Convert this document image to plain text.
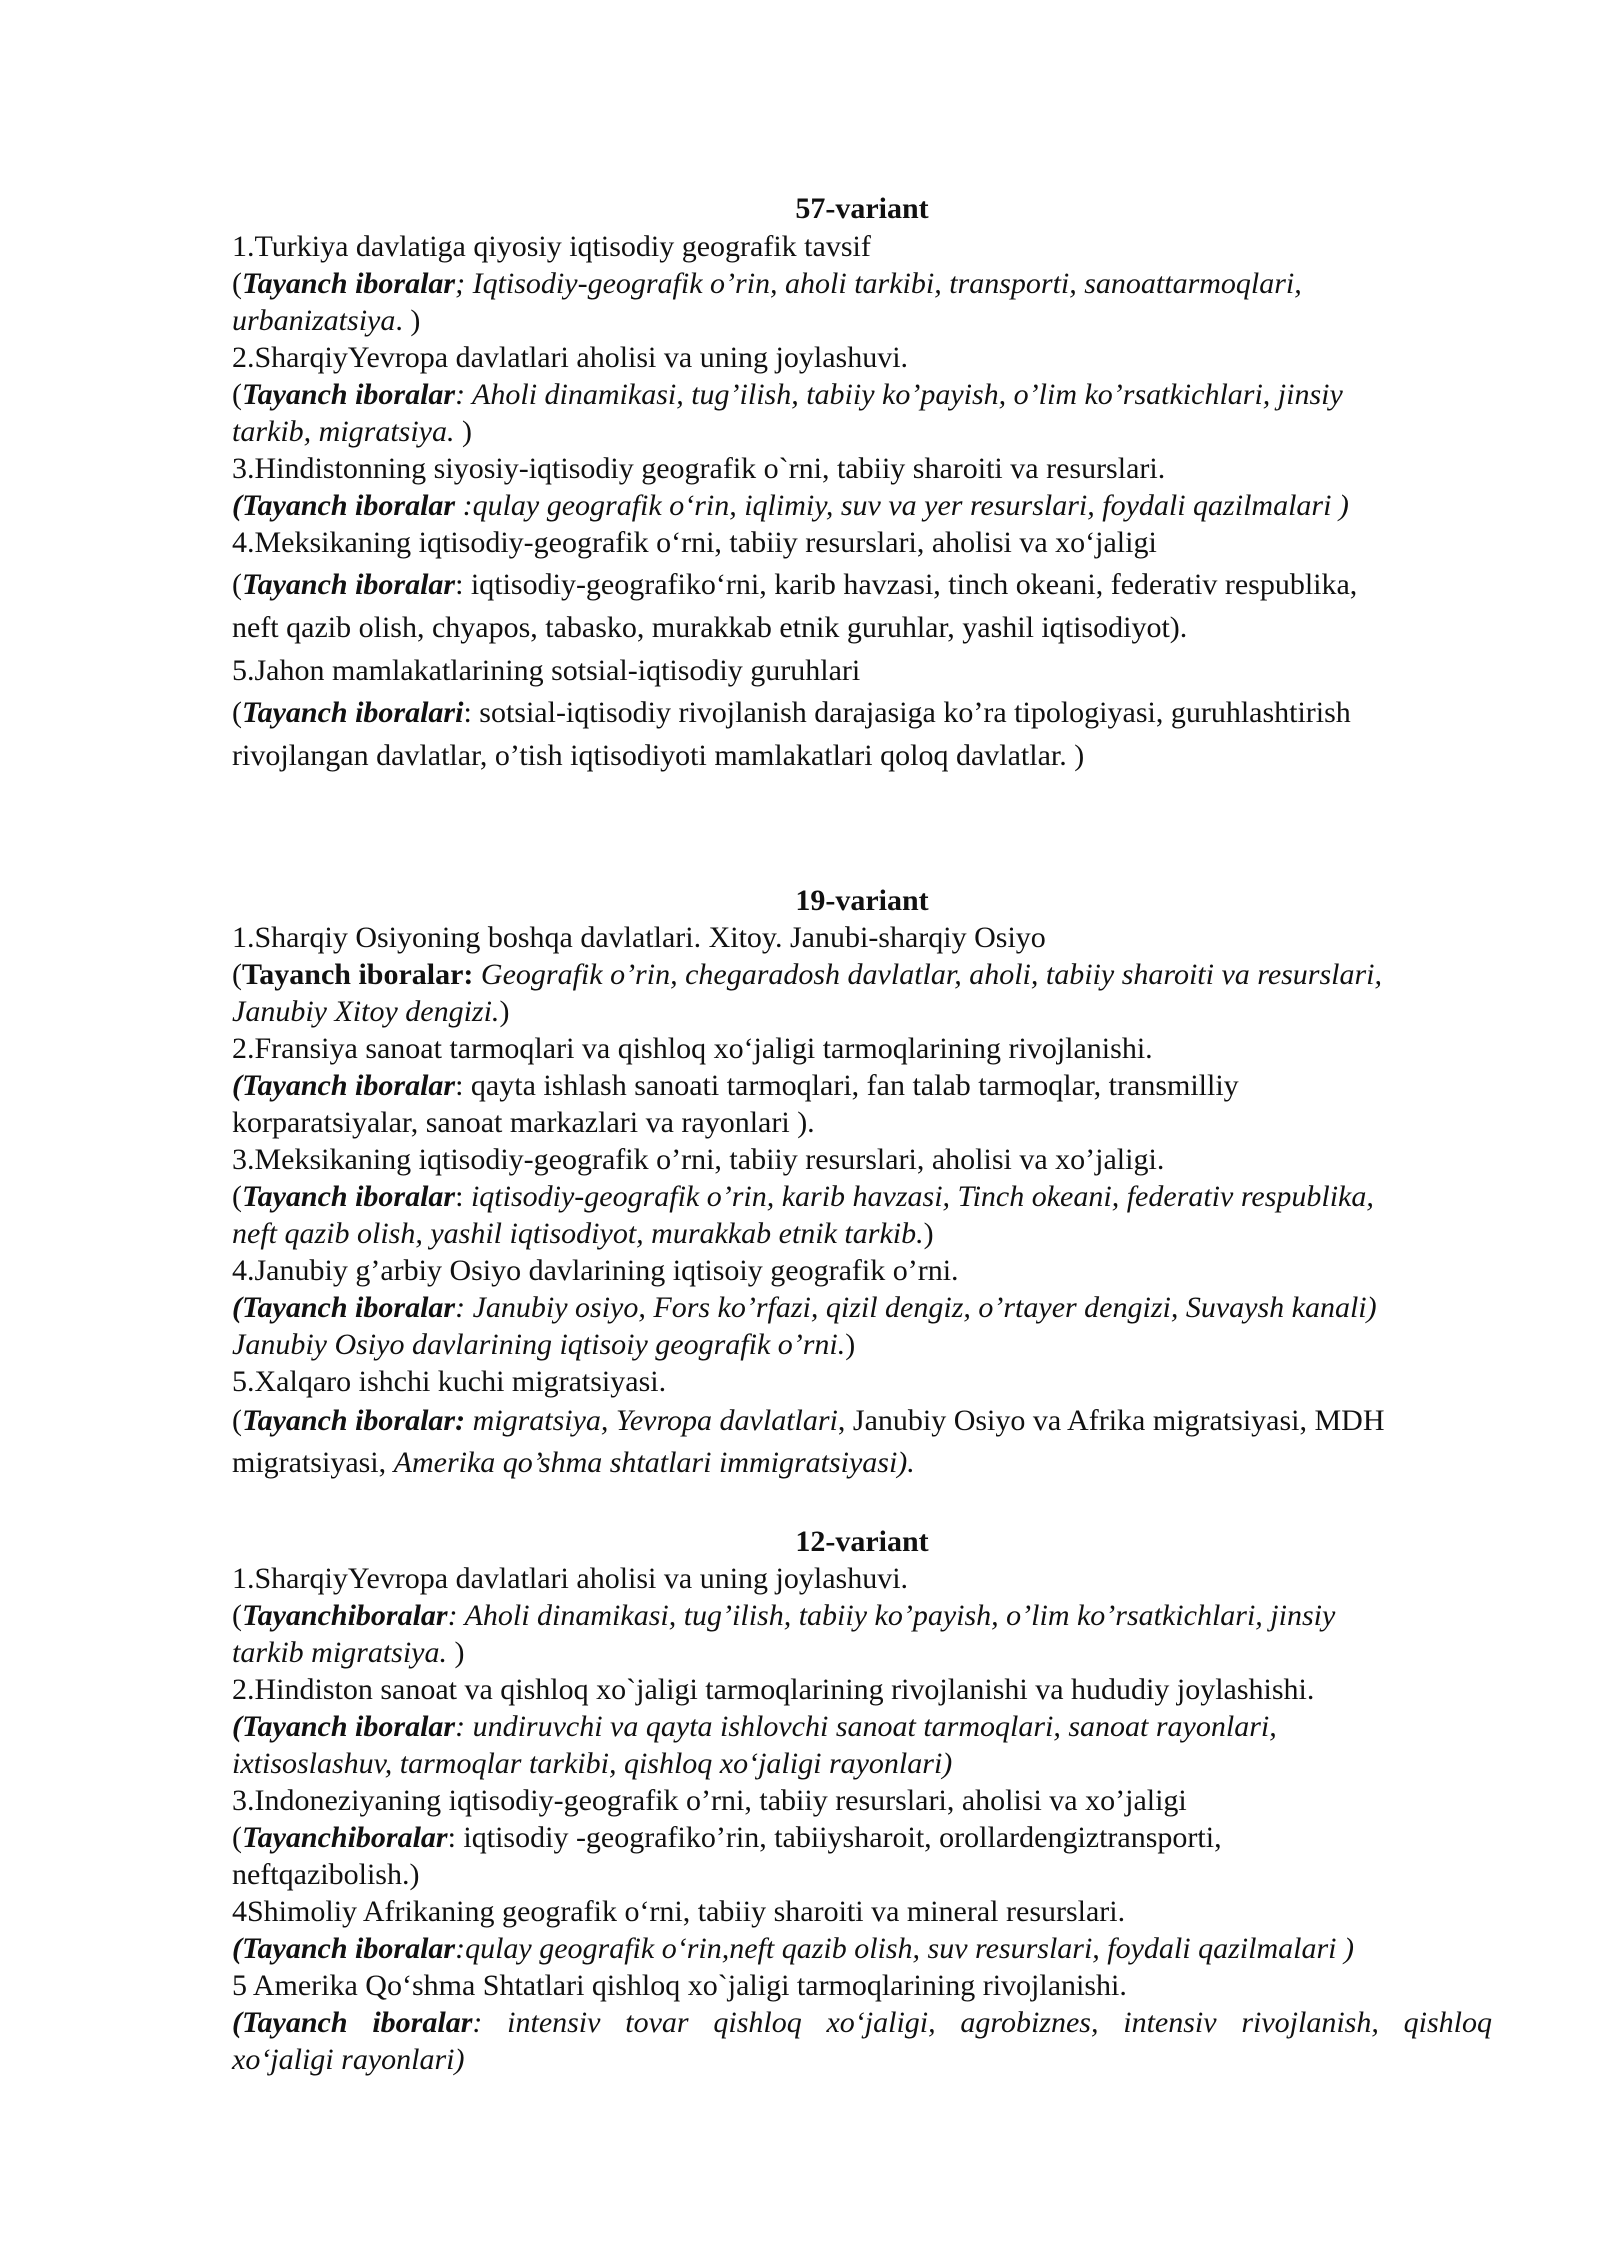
57-variant
1.Turkiya davlatiga qiyosiy iqtisodiy geografik tavsif
(Tayanch iboralar; Iqtisodiy-geografik o’rin, aholi tarkibi, transporti, sanoattarmoqlari,
urbanizatsiya. )
2.SharqiyYevropa davlatlari aholisi va uning joylashuvi.
(Tayanch iboralar: Aholi dinamikasi, tug’ilish, tabiiy ko’payish, o’lim ko’rsatkichlari, jinsiy
tarkib, migratsiya. )
3.Hindistonning siyosiy-iqtisodiy geografik o`rni, tabiiy sharoiti va resurslari.
(Tayanch iboralar :qulay geografik o‘rin, iqlimiy, suv va yer resurslari, foydali qazilmalari )
4.Meksikaning iqtisodiy-geografik o‘rni, tabiiy resurslari, aholisi va xo‘jaligi
(Tayanch iboralar: iqtisodiy-geografiko‘rni, karib havzasi, tinch okeani, federativ respublika,
neft qazib olish, chyapos, tabasko, murakkab etnik guruhlar, yashil iqtisodiyot).
5.Jahon mamlakatlarining sotsial-iqtisodiy guruhlari
(Tayanch iboralari: sotsial-iqtisodiy rivojlanish darajasiga ko’ra tipologiyasi, guruhlashtirish
rivojlangan davlatlar, o’tish iqtisodiyoti mamlakatlari qoloq davlatlar. )
19-variant
1.Sharqiy Osiyoning boshqa davlatlari. Xitoy. Janubi-sharqiy Osiyo
(Tayanch iboralar: Geografik o’rin, chegaradosh davlatlar, aholi, tabiiy sharoiti va resurslari,
Janubiy Xitoy dengizi.)
2.Fransiya sanoat tarmoqlari va qishloq xo‘jaligi tarmoqlarining rivojlanishi.
(Tayanch iboralar: qayta ishlash sanoati tarmoqlari, fan talab tarmoqlar, transmilliy
korparatsiyalar, sanoat markazlari va rayonlari ).
3.Meksikaning iqtisodiy-geografik o’rni, tabiiy resurslari, aholisi va xo’jaligi.
(Tayanch iboralar: iqtisodiy-geografik o’rin, karib havzasi, Tinch okeani, federativ respublika,
neft qazib olish, yashil iqtisodiyot, murakkab etnik tarkib.)
4.Janubiy g’arbiy Osiyo davlarining iqtisoiy geografik o’rni.
(Tayanch iboralar: Janubiy osiyo, Fors ko’rfazi, qizil dengiz, o’rtayer dengizi, Suvaysh kanali)
Janubiy Osiyo davlarining iqtisoiy geografik o’rni.)
5.Xalqaro ishchi kuchi migratsiyasi.
(Tayanch iboralar: migratsiya, Yevropa davlatlari, Janubiy Osiyo va Afrika migratsiyasi, MDH
migratsiyasi, Amerika qo’shma shtatlari immigratsiyasi).
12-variant
1.SharqiyYevropa davlatlari aholisi va uning joylashuvi.
(Tayanchiboralar: Aholi dinamikasi, tug’ilish, tabiiy ko’payish, o’lim ko’rsatkichlari, jinsiy
tarkib migratsiya. )
2.Hindiston sanoat va qishloq xo`jaligi tarmoqlarining rivojlanishi va hududiy joylashishi.
(Tayanch iboralar: undiruvchi va qayta ishlovchi sanoat tarmoqlari, sanoat rayonlari,
ixtisoslashuv, tarmoqlar tarkibi, qishloq xo‘jaligi rayonlari)
3.Indoneziyaning iqtisodiy-geografik o’rni, tabiiy resurslari, aholisi va xo’jaligi
(Tayanchiboralar: iqtisodiy -geografiko’rin, tabiiysharoit, orollardengiztransporti,
neftqazibolish.)
4Shimoliy Afrikaning geografik o‘rni, tabiiy sharoiti va mineral resurslari.
(Tayanch iboralar:qulay geografik o‘rin,neft qazib olish, suv resurslari, foydali qazilmalari )
5 Amerika Qo‘shma Shtatlari qishloq xo`jaligi tarmoqlarining rivojlanishi.
(Tayanch iboralar: intensiv tovar qishloq xo‘jaligi, agrobiznes, intensiv rivojlanish, qishloq
xo‘jaligi rayonlari)
